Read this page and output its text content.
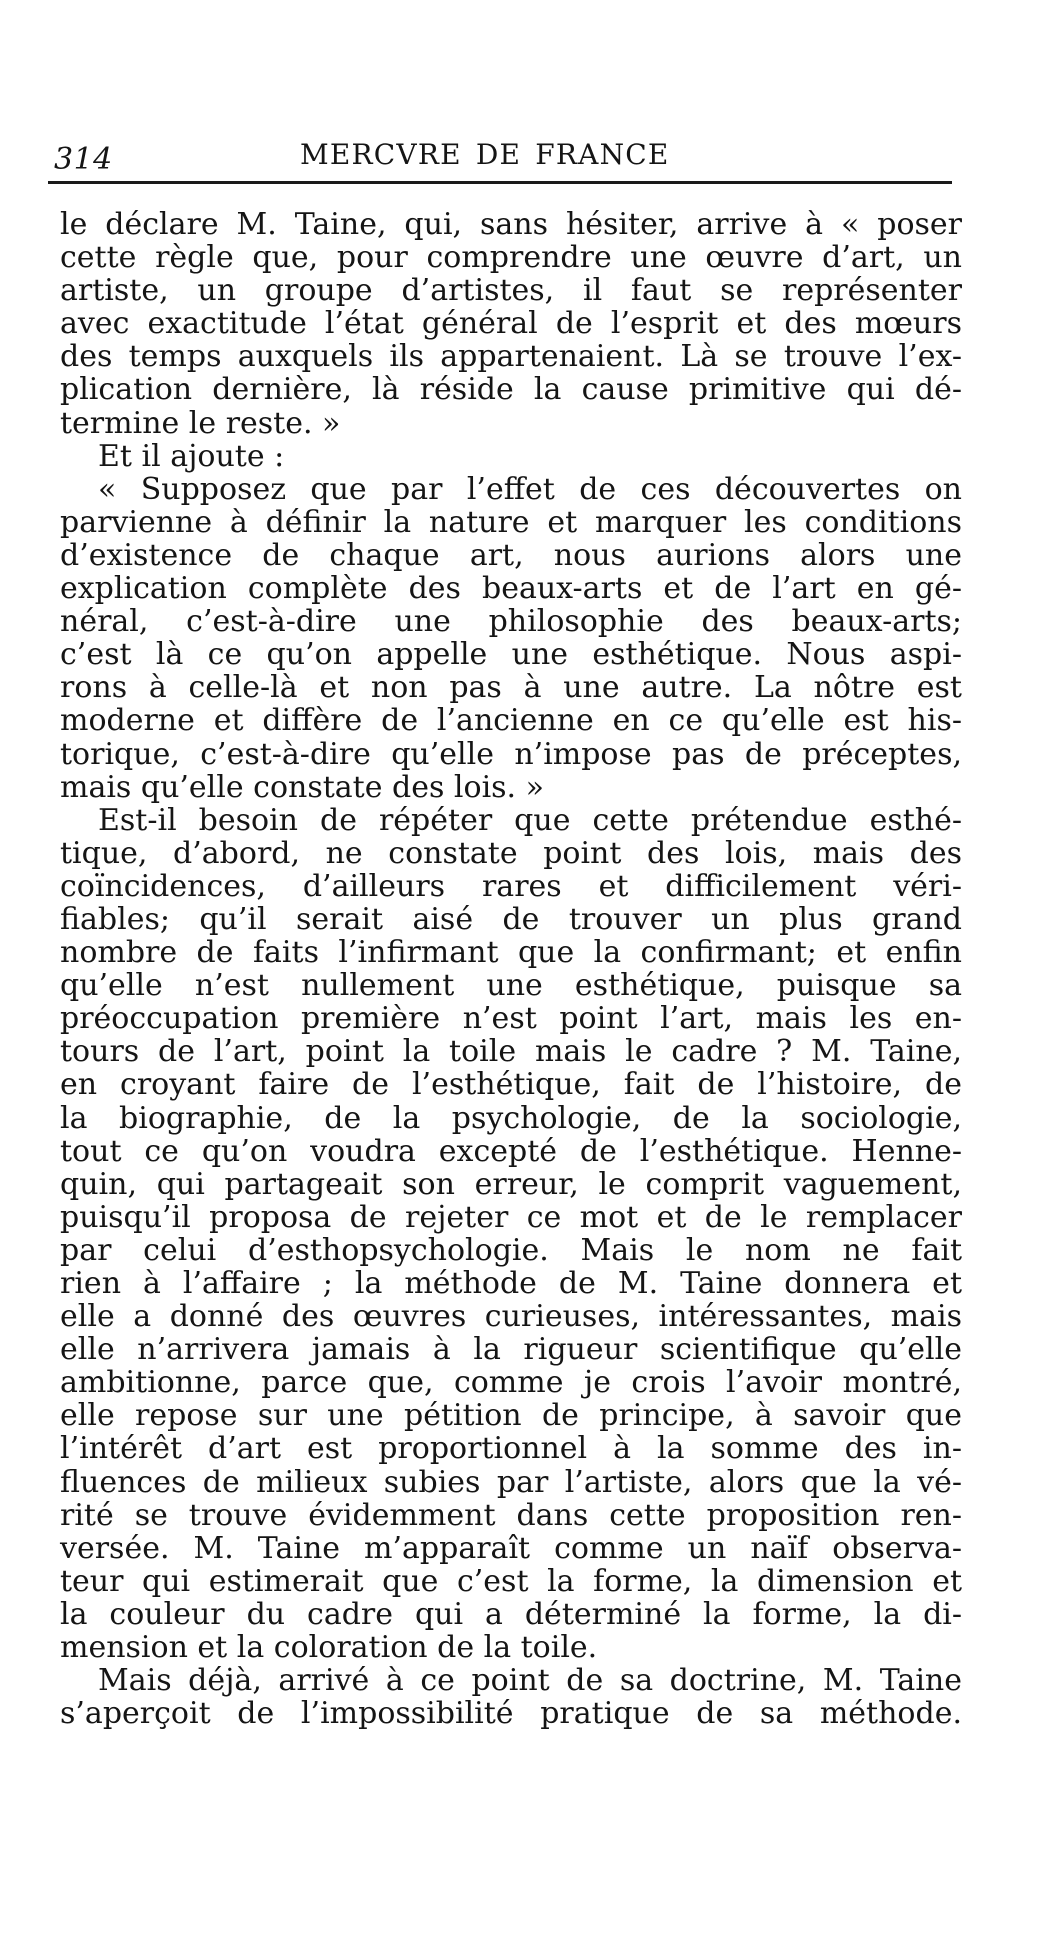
314	MERCVRE DE FRANCE
le déclare M. Taine, qui, sans hésiter, arrive à « poser
cette règle que, pour comprendre une œuvre d’art, un
artiste, un groupe d’artistes, il faut se représenter
avec exactitude l’état général de l’esprit et des mœurs
des temps auxquels ils appartenaient. Là se trouve l’ex-
plication dernière, là réside la cause primitive qui dé-
termine le reste. »
Et il ajoute :
« Supposez que par l’effet de ces découvertes on
parvienne à définir la nature et marquer les conditions
d’existence de chaque art, nous aurions alors une
explication complète des beaux-arts et de l’art en gé-
néral, c’est-à-dire une philosophie des beaux-arts;
c’est là ce qu’on appelle une esthétique. Nous aspi-
rons à celle-là et non pas à une autre. La nôtre est
moderne et diffère de l’ancienne en ce qu’elle est his-
torique, c’est-à-dire qu’elle n’impose pas de préceptes,
mais qu’elle constate des lois. »
Est-il besoin de répéter que cette prétendue esthé-
tique, d’abord, ne constate point des lois, mais des
coïncidences, d’ailleurs rares et difficilement véri-
fiables; qu’il serait aisé de trouver un plus grand
nombre de faits l’infirmant que la confirmant; et enfin
qu’elle n’est nullement une esthétique, puisque sa
préoccupation première n’est point l’art, mais les en-
tours de l’art, point la toile mais le cadre ? M. Taine,
en croyant faire de l’esthétique, fait de l’histoire, de
la biographie, de la psychologie, de la sociologie,
tout ce qu’on voudra excepté de l’esthétique. Henne-
quin, qui partageait son erreur, le comprit vaguement,
puisqu’il proposa de rejeter ce mot et de le remplacer
par celui d’esthopsychologie. Mais le nom ne fait
rien à l’affaire ; la méthode de M. Taine donnera et
elle a donné des œuvres curieuses, intéressantes, mais
elle n’arrivera jamais à la rigueur scientifique qu’elle
ambitionne, parce que, comme je crois l’avoir montré,
elle repose sur une pétition de principe, à savoir que
l’intérêt d’art est proportionnel à la somme des in-
fluences de milieux subies par l’artiste, alors que la vé-
rité se trouve évidemment dans cette proposition ren-
versée. M. Taine m’apparaît comme un naïf observa-
teur qui estimerait que c’est la forme, la dimension et
la couleur du cadre qui a déterminé la forme, la di-
mension et la coloration de la toile.
Mais déjà, arrivé à ce point de sa doctrine, M. Taine
s’aperçoit de l’impossibilité pratique de sa méthode.
